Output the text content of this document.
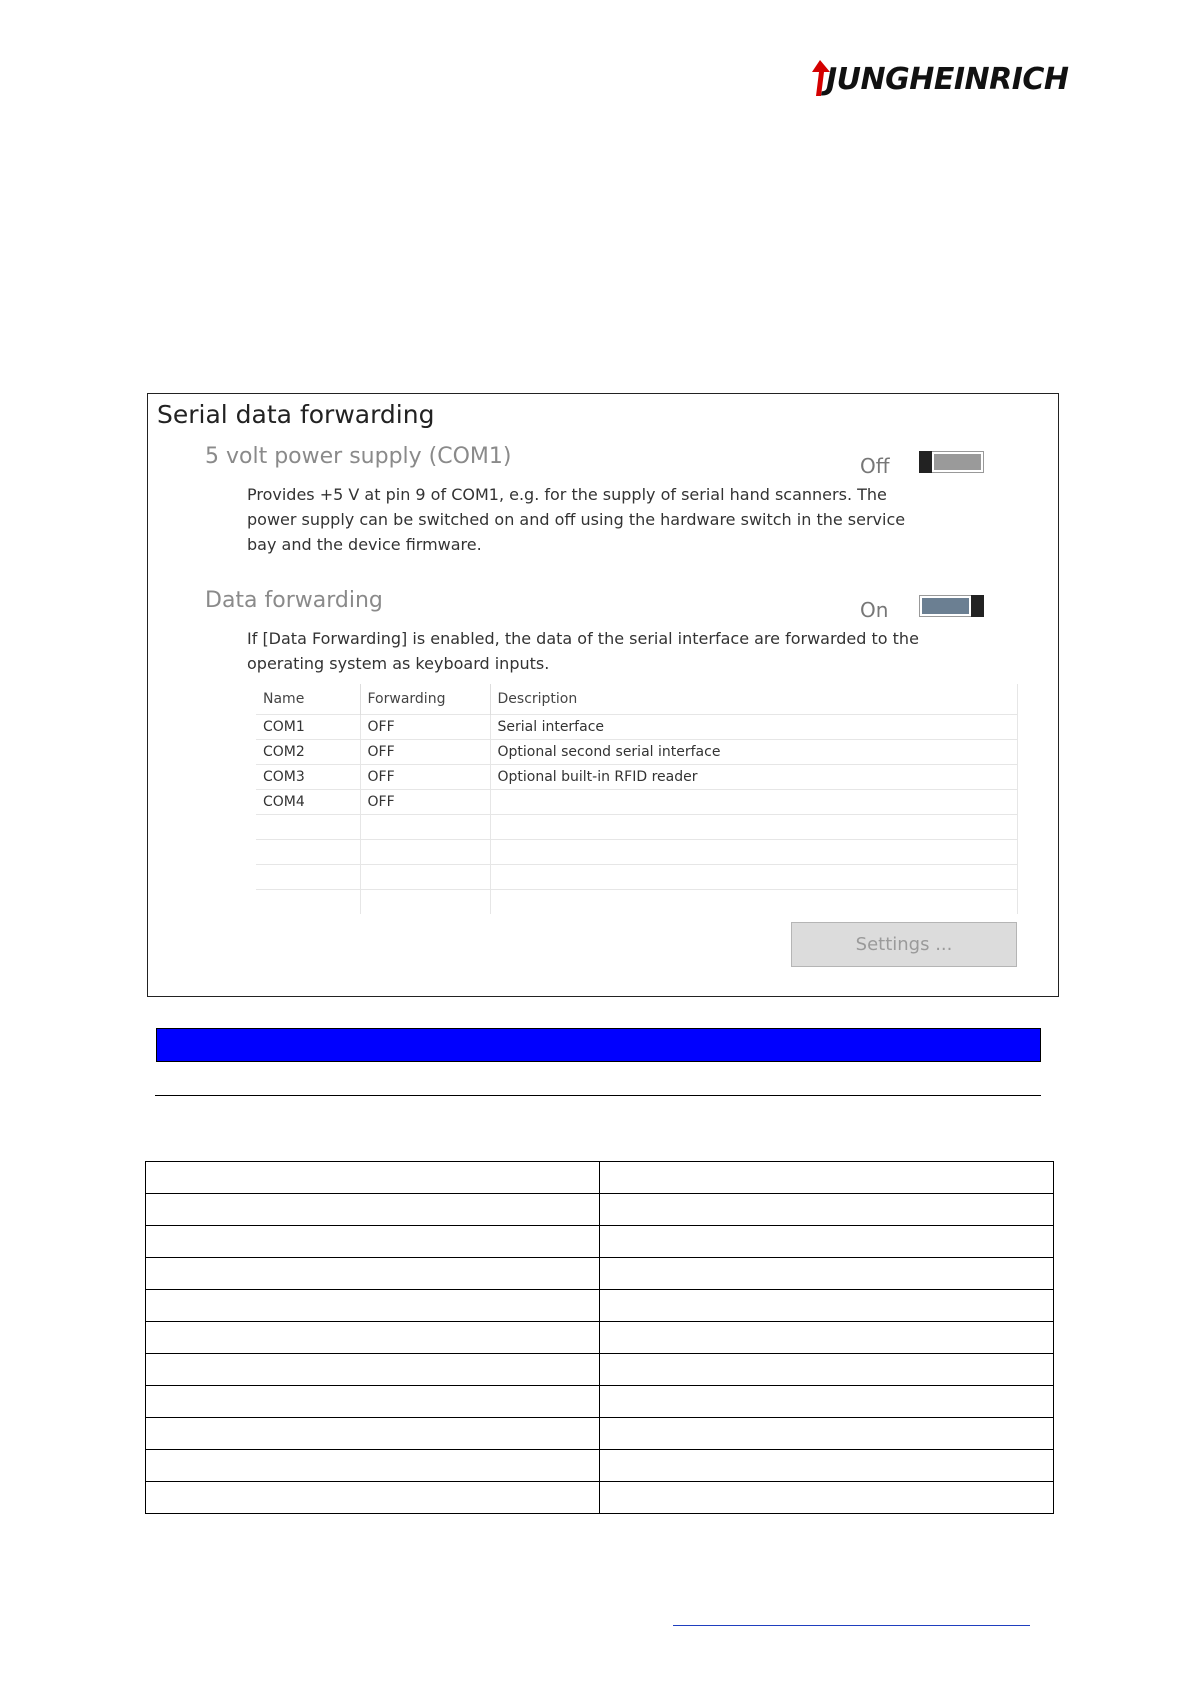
JUNGHEINRICH
Serial data forwarding
5 volt power supply (COM1)
Provides +5 V at pin 9 of COM1, e.g. for the supply of serial hand scanners. The
power supply can be switched on and off using the hardware switch in the service
bay and the device firmware.
Off
Data forwarding
If [Data Forwarding] is enabled, the data of the serial interface are forwarded to the
operating system as keyboard inputs.
On
Name	Forwarding	Description
COM1	OFF	Serial interface
COM2	OFF	Optional second serial interface
COM3	OFF	Optional built-in RFID reader
COM4	OFF	

Settings ...
